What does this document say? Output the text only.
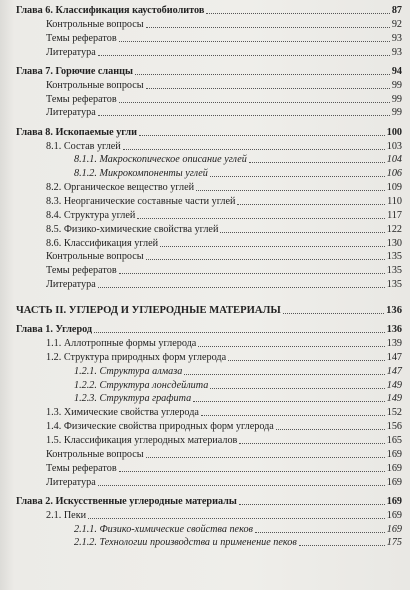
Глава 6. Классификация каустобиолитов	87
Контрольные вопросы	92
Темы рефератов	93
Литература	93
Глава 7. Горючие сланцы	94
Контрольные вопросы	99
Темы рефератов	99
Литература	99
Глава 8. Ископаемые угли	100
8.1. Состав углей	103
8.1.1. Макроскопическое описание углей	104
8.1.2. Микрокомпоненты углей	106
8.2. Органическое вещество углей	109
8.3. Неорганические составные части углей	110
8.4. Структура углей	117
8.5. Физико-химические свойства углей	122
8.6. Классификация углей	130
Контрольные вопросы	135
Темы рефератов	135
Литература	135
ЧАСТЬ II. УГЛЕРОД И УГЛЕРОДНЫЕ МАТЕРИАЛЫ	136
Глава 1. Углерод	136
1.1. Аллотропные формы углерода	139
1.2. Структура природных форм углерода	147
1.2.1. Структура алмаза	147
1.2.2. Структура лонсдейлита	149
1.2.3. Структура графита	149
1.3. Химические свойства углерода	152
1.4. Физические свойства природных форм углерода	156
1.5. Классификация углеродных материалов	165
Контрольные вопросы	169
Темы рефератов	169
Литература	169
Глава 2. Искусственные углеродные материалы	169
2.1. Пеки	169
2.1.1. Физико-химические свойства пеков	169
2.1.2. Технологии производства и применение пеков	175
